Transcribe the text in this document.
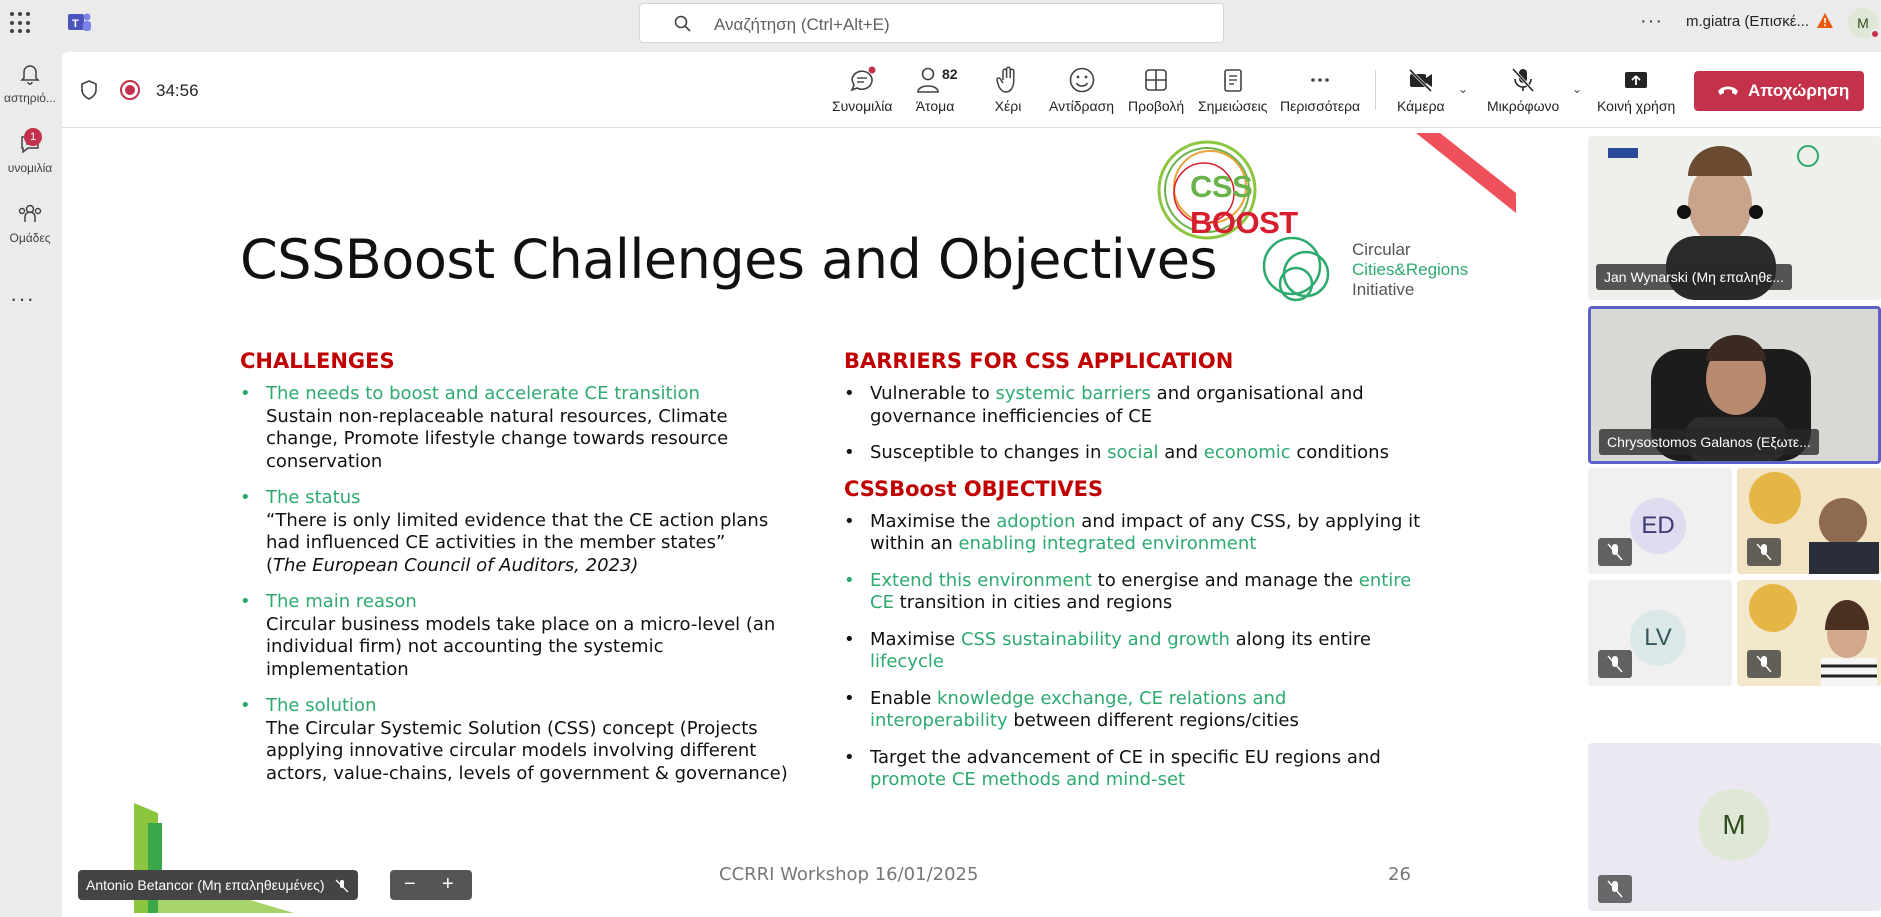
T	Αναζήτηση (Ctrl+Alt+E)	··· m.giatra (Επισκέ...	M
αστηριό...
1
υνομιλία
Ομάδες
···
34:56
Συνομιλία
82
Άτομα	Χέρι Αντίδραση Προβολή Σημειώσεις Περισσότερα	Κάμερα
⌄
Μικρόφωνο
⌄
Κοινή χρήση
Αποχώρηση
CSS BOOST
Circular
Cities&Regions
Initiative
CSSBoost Challenges and Objectives
CHALLENGES
• The needs to boost and accelerate CE transition
Sustain non-replaceable natural resources, Climate change, Promote lifestyle change towards resource conservation
• The status
“There is only limited evidence that the CE action plans had influenced CE activities in the member states”
(The European Council of Auditors, 2023)
• The main reason
Circular business models take place on a micro-level (an individual firm) not accounting the systemic implementation
• The solution
The Circular Systemic Solution (CSS) concept (Projects applying innovative circular models involving different actors, value-chains, levels of government & governance)
BARRIERS FOR CSS APPLICATION
• Vulnerable to systemic barriers and organisational and governance inefficiencies of CE
• Susceptible to changes in social and economic conditions
CSSBoost OBJECTIVES
• Maximise the adoption and impact of any CSS, by applying it within an enabling integrated environment
• Extend this environment to energise and manage the entire CE transition in cities and regions
• Maximise CSS sustainability and growth along its entire lifecycle
• Enable knowledge exchange, CE relations and interoperability between different regions/cities
• Target the advancement of CE in specific EU regions and promote CE methods and mind-set
CCRRI Workshop 16/01/2025	26
Jan Wynarski (Μη επαληθε...
Chrysostomos Galanos (Εξωτε...
ED
LV

M
Antonio Betancor (Μη επαληθευμένες)	− +
